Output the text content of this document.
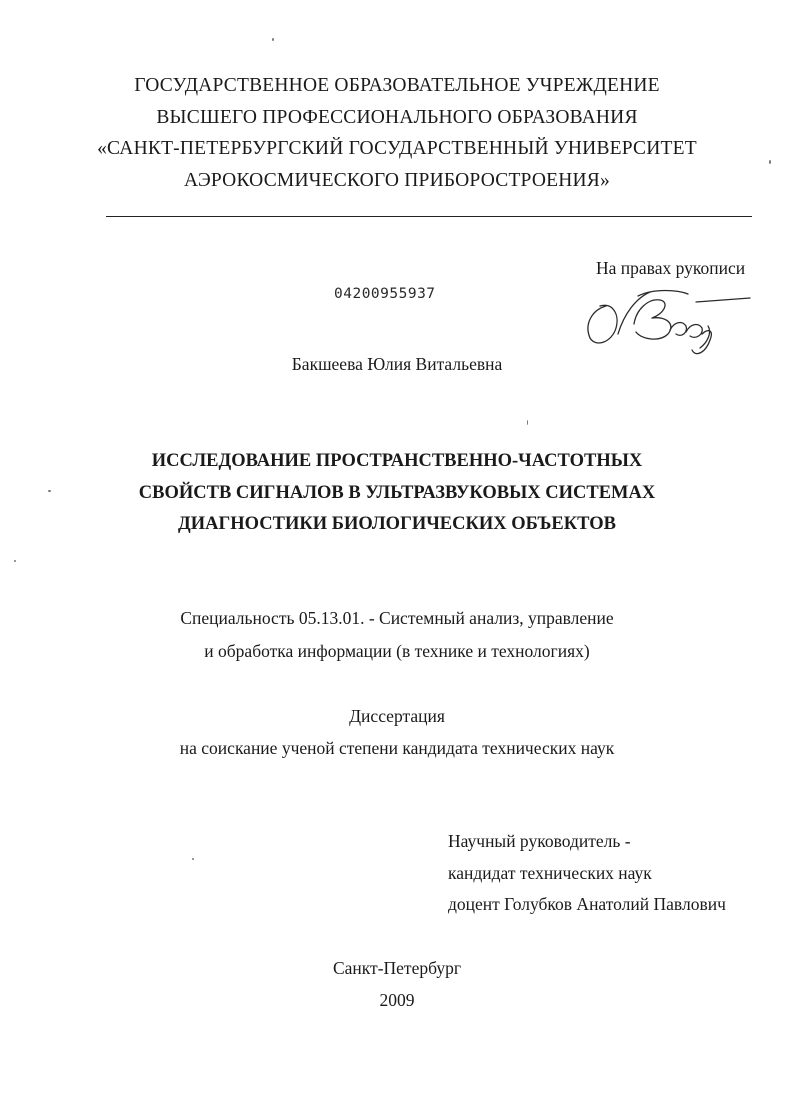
ГОСУДАРСТВЕННОЕ ОБРАЗОВАТЕЛЬНОЕ УЧРЕЖДЕНИЕ
ВЫСШЕГО ПРОФЕССИОНАЛЬНОГО ОБРАЗОВАНИЯ
«САНКТ-ПЕТЕРБУРГСКИЙ ГОСУДАРСТВЕННЫЙ УНИВЕРСИТЕТ
АЭРОКОСМИЧЕСКОГО ПРИБОРОСТРОЕНИЯ»
На правах рукописи
04200955937
Бакшеева Юлия Витальевна
ИССЛЕДОВАНИЕ ПРОСТРАНСТВЕННО-ЧАСТОТНЫХ
СВОЙСТВ СИГНАЛОВ В УЛЬТРАЗВУКОВЫХ СИСТЕМАХ
ДИАГНОСТИКИ БИОЛОГИЧЕСКИХ ОБЪЕКТОВ
Специальность 05.13.01. - Системный анализ, управление
и обработка информации (в технике и технологиях)
Диссертация
на соискание ученой степени кандидата технических наук
Научный руководитель -
кандидат технических наук
доцент Голубков Анатолий Павлович
Санкт-Петербург
2009
